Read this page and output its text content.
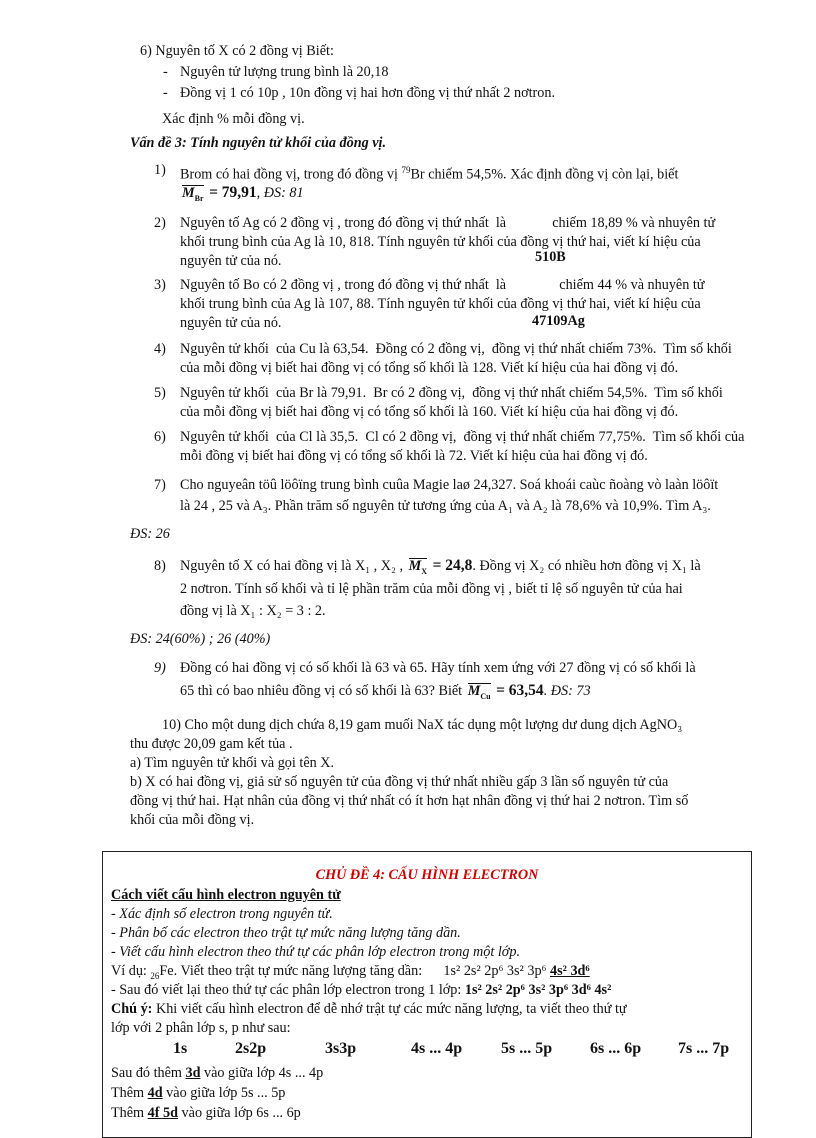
6) Nguyên tố X có 2 đồng vị Biết:
- Nguyên tử lượng trung bình là 20,18
- Đồng vị 1 có 10p , 10n đồng vị hai hơn đồng vị thứ nhất 2 nơtron.
Xác định % mỗi đồng vị.
Vấn đề 3: Tính nguyên tử khối của đồng vị.
1) Brom có hai đồng vị, trong đó đồng vị $^{79}$Br chiếm 54,5%. Xác định đồng vị còn lại, biết
$M_{Br} = 79,91$, ĐS: 81
2) Nguyên tố Ag có 2 đồng vị , trong đó đồng vị thứ nhất  là             chiếm 18,89 % và nhuyên tử
khối trung bình của Ag là 10, 818. Tính nguyên tử khối của đồng vị thứ hai, viết kí hiệu của
nguyên tử của nó.	510B
3) Nguyên tố Bo có 2 đồng vị , trong đó đồng vị thứ nhất  là               chiếm 44 % và nhuyên tử
khối trung bình của Ag là 107, 88. Tính nguyên tử khối của đồng vị thứ hai, viết kí hiệu của
nguyên tử của nó.	47109Ag
4) Nguyên tử khối  của Cu là 63,54.  Đồng có 2 đồng vị,  đồng vị thứ nhất chiếm 73%.  Tìm số khối
của mỗi đồng vị biết hai đồng vị có tổng số khối là 128. Viết kí hiệu của hai đồng vị đó.
5) Nguyên tử khối  của Br là 79,91.  Br có 2 đồng vị,  đồng vị thứ nhất chiếm 54,5%.  Tìm số khối
của mỗi đồng vị biết hai đồng vị có tổng số khối là 160. Viết kí hiệu của hai đồng vị đó.
6) Nguyên tử khối  của Cl là 35,5.  Cl có 2 đồng vị,  đồng vị thứ nhất chiếm 77,75%.  Tìm số khối của
mỗi đồng vị biết hai đồng vị có tổng số khối là 72. Viết kí hiệu của hai đồng vị đó.
7) Cho nguyeân töû löôïng trung bình cuûa Magie laø 24,327. Soá khoái caùc ñoàng vò laàn löôït
là 24 , 25 và A₃. Phần trăm số nguyên tử tương ứng của A₁ và A₂ là 78,6% và 10,9%. Tìm A₃.
ĐS: 26
8) Nguyên tố X có hai đồng vị là X₁ , X₂ , $M_X = 24,8$. Đồng vị X₂ có nhiều hơn đồng vị X₁ là
2 nơtron. Tính số khối và tỉ lệ phần trăm của mỗi đồng vị , biết tỉ lệ số nguyên tử của hai
đồng vị là X₁ : X₂ = 3 : 2.
ĐS: 24(60%) ; 26 (40%)
9) Đồng có hai đồng vị có số khối là 63 và 65. Hãy tính xem ứng với 27 đồng vị có số khối là
65 thì có bao nhiêu đồng vị có số khối là 63? Biết $M_{Cu} = 63,54$. ĐS: 73
10) Cho một dung dịch chứa 8,19 gam muối NaX tác dụng một lượng dư dung dịch AgNO₃
thu được 20,09 gam kết tủa .
a) Tìm nguyên tử khối và gọi tên X.
b) X có hai đồng vị, giả sử số nguyên tử của đồng vị thứ nhất nhiều gấp 3 lần số nguyên tử của
đồng vị thứ hai. Hạt nhân của đồng vị thứ nhất có ít hơn hạt nhân đồng vị thứ hai 2 nơtron. Tìm số
khối của mỗi đồng vị.
CHỦ ĐỀ 4: CẤU HÌNH ELECTRON
Cách viết cấu hình electron nguyên tử
- Xác định số electron trong nguyên tử.
- Phân bố các electron theo trật tự mức năng lượng tăng dần.
- Viết cấu hình electron theo thứ tự các phân lớp electron trong một lớp.
Ví dụ: $_{26}$Fe. Viết theo trật tự mức năng lượng tăng dần: 1s² 2s² 2p⁶ 3s² 3p⁶ 4s² 3d⁶
- Sau đó viết lại theo thứ tự các phân lớp electron trong 1 lớp: 1s² 2s² 2p⁶ 3s² 3p⁶ 3d⁶ 4s²
Chú ý: Khi viết cấu hình electron để dễ nhớ trật tự các mức năng lượng, ta viết theo thứ tự
lớp với 2 phân lớp s, p như sau:
1s	2s2p	3s3p	4s ... 4p 5s ... 5p 6s ... 6p 7s ... 7p
Sau đó thêm 3d vào giữa lớp 4s ... 4p
Thêm 4d vào giữa lớp 5s ... 5p
Thêm 4f 5d vào giữa lớp 6s ... 6p
